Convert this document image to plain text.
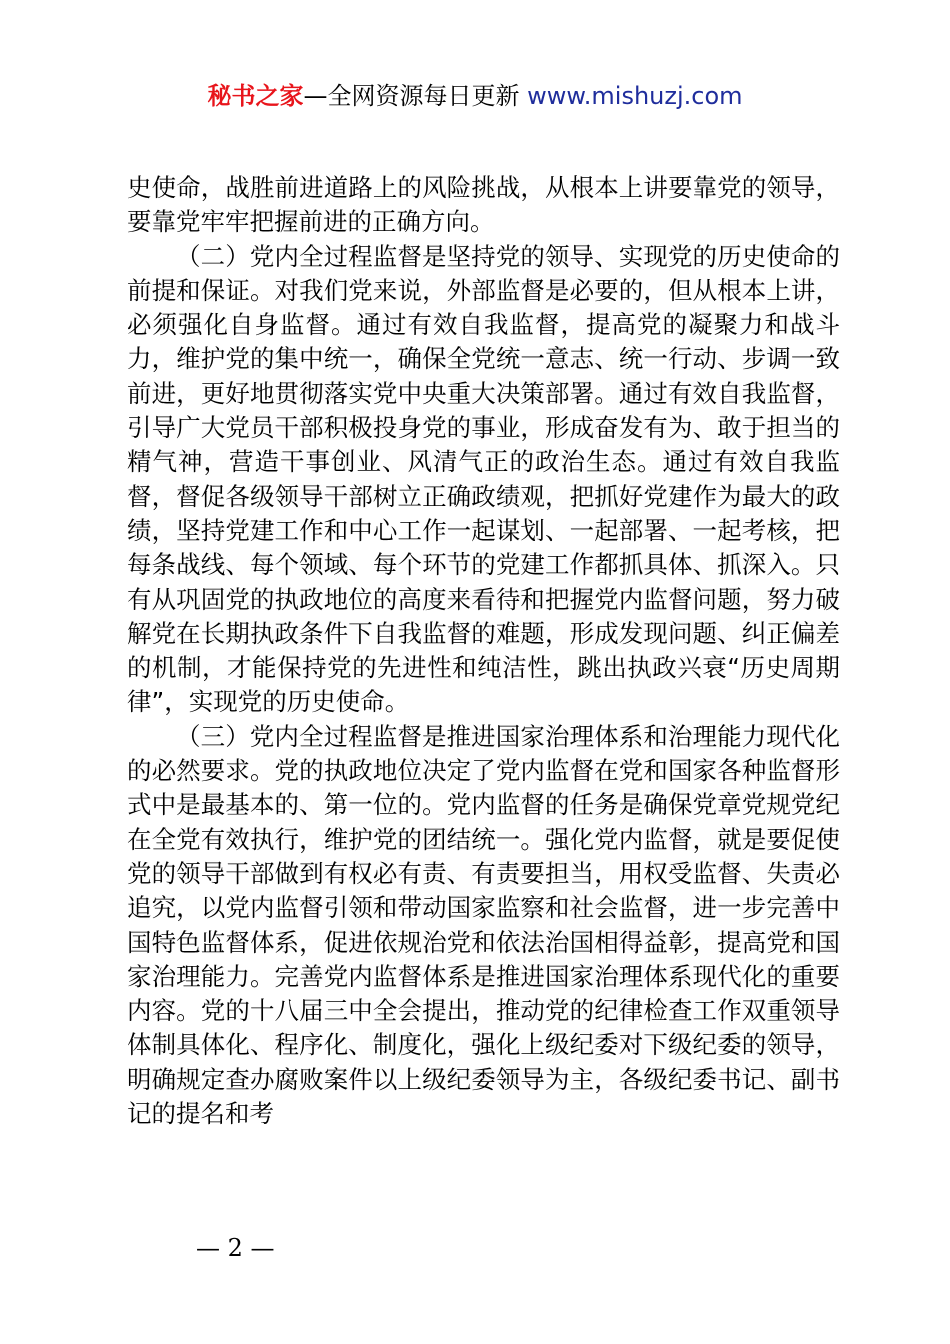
秘书之家—全网资源每日更新 www.mishuzj.com

史使命，战胜前进道路上的风险挑战，从根本上讲要靠党的领导，要靠党牢牢把握前进的正确方向。

（二）党内全过程监督是坚持党的领导、实现党的历史使命的前提和保证。对我们党来说，外部监督是必要的，但从根本上讲，必须强化自身监督。通过有效自我监督，提高党的凝聚力和战斗力，维护党的集中统一，确保全党统一意志、统一行动、步调一致前进，更好地贯彻落实党中央重大决策部署。通过有效自我监督，引导广大党员干部积极投身党的事业，形成奋发有为、敢于担当的精气神，营造干事创业、风清气正的政治生态。通过有效自我监督，督促各级领导干部树立正确政绩观，把抓好党建作为最大的政绩，坚持党建工作和中心工作一起谋划、一起部署、一起考核，把每条战线、每个领域、每个环节的党建工作都抓具体、抓深入。只有从巩固党的执政地位的高度来看待和把握党内监督问题，努力破解党在长期执政条件下自我监督的难题，形成发现问题、纠正偏差的机制，才能保持党的先进性和纯洁性，跳出执政兴衰“历史周期律”，实现党的历史使命。

（三）党内全过程监督是推进国家治理体系和治理能力现代化的必然要求。党的执政地位决定了党内监督在党和国家各种监督形式中是最基本的、第一位的。党内监督的任务是确保党章党规党纪在全党有效执行，维护党的团结统一。强化党内监督，就是要促使党的领导干部做到有权必有责、有责要担当，用权受监督、失责必追究，以党内监督引领和带动国家监察和社会监督，进一步完善中国特色监督体系，促进依规治党和依法治国相得益彰，提高党和国家治理能力。完善党内监督体系是推进国家治理体系现代化的重要内容。党的十八届三中全会提出，推动党的纪律检查工作双重领导体制具体化、程序化、制度化，强化上级纪委对下级纪委的领导，明确规定查办腐败案件以上级纪委领导为主，各级纪委书记、副书记的提名和考

— 2 —
